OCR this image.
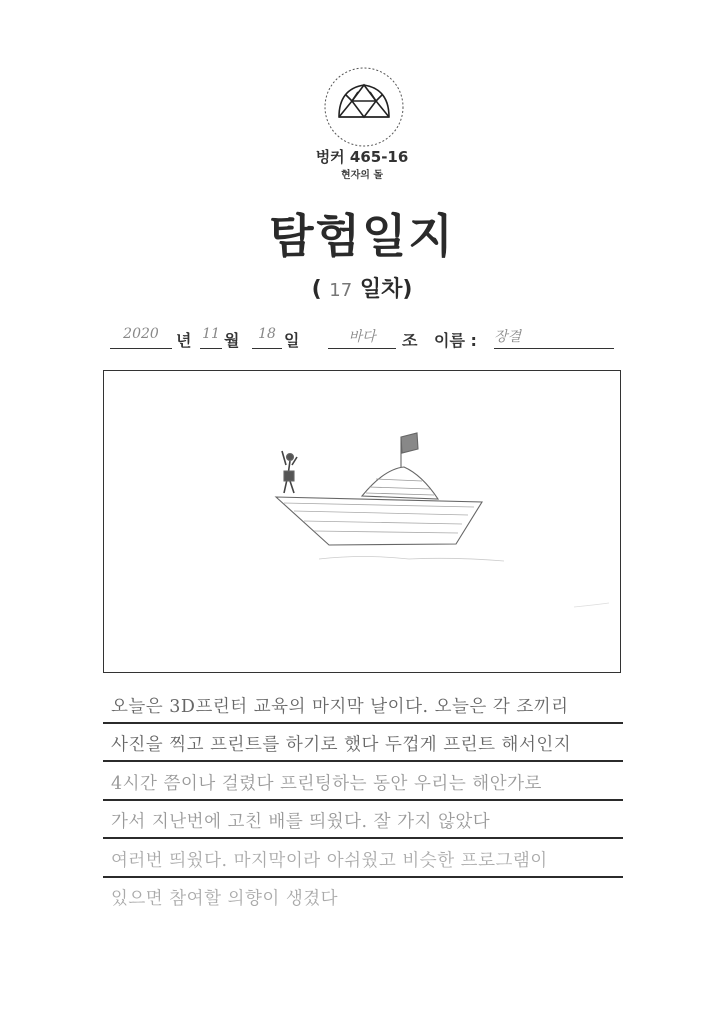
벙커 465-16
현자의 돌
탐험일지
( 17 일차)
2020	년 11 월	18 일	바다	조 이름 : 장결
오늘은 3D프린터 교육의 마지막 날이다. 오늘은 각 조끼리
사진을 찍고 프린트를 하기로 했다 두껍게 프린트 해서인지
4시간 쯤이나 걸렸다 프린팅하는 동안 우리는 해안가로
가서 지난번에 고친 배를 띄웠다. 잘 가지 않았다
여러번 띄웠다. 마지막이라 아쉬웠고 비슷한 프로그램이
있으면 참여할 의향이 생겼다
